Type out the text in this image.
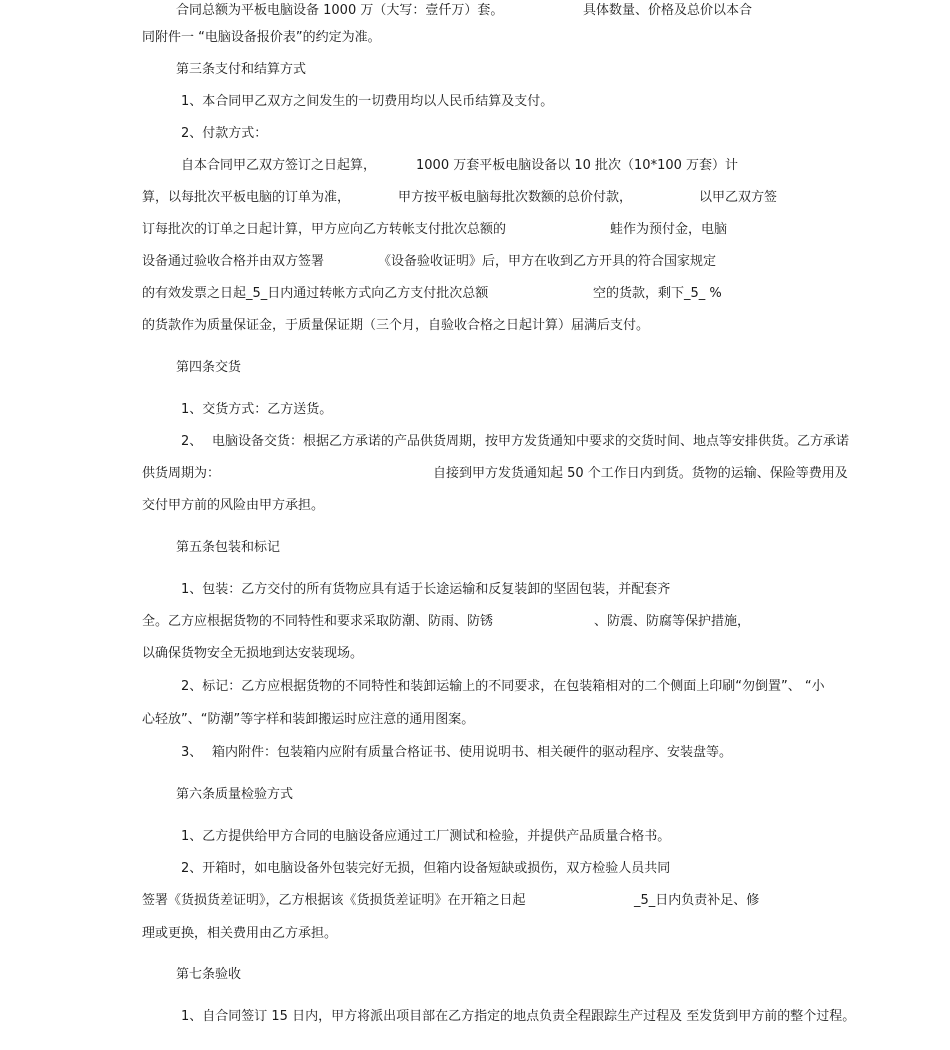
合同总额为平板电脑设备 1000 万（大写：壹仟万）套。	具体数量、价格及总价以本合
同附件一 “电脑设备报价表”的约定为准。
第三条支付和结算方式
1、本合同甲乙双方之间发生的一切费用均以人民币结算及支付。
2、付款方式：
自本合同甲乙双方签订之日起算，	1000 万套平板电脑设备以 10 批次（10*100 万套）计
算，以每批次平板电脑的订单为准，	甲方按平板电脑每批次数额的总价付款，	以甲乙双方签
订每批次的订单之日起计算，甲方应向乙方转帐支付批次总额的	蛙作为预付金，电脑
设备通过验收合格并由双方签署	《设备验收证明》后，甲方在收到乙方开具的符合国家规定
的有效发票之日起_5_日内通过转帐方式向乙方支付批次总额	空的货款，剩下_5_ %
的货款作为质量保证金，于质量保证期（三个月，自验收合格之日起计算）届满后支付。
第四条交货
1、交货方式：乙方送货。
2、 电脑设备交货：根据乙方承诺的产品供货周期，按甲方发货通知中要求的交货时间、地点等安排供货。乙方承诺
供货周期为：	自接到甲方发货通知起 50 个工作日内到货。货物的运输、保险等费用及
交付甲方前的风险由甲方承担。
第五条包装和标记
1、包装：乙方交付的所有货物应具有适于长途运输和反复装卸的坚固包装，并配套齐
全。乙方应根据货物的不同特性和要求采取防潮、防雨、防锈	、防震、防腐等保护措施，
以确保货物安全无损地到达安装现场。
2、标记：乙方应根据货物的不同特性和装卸运输上的不同要求，在包装箱相对的二个侧面上印刷“勿倒置”、 “小
心轻放”、“防潮”等字样和装卸搬运时应注意的通用图案。
3、 箱内附件：包装箱内应附有质量合格证书、使用说明书、相关硬件的驱动程序、安装盘等。
第六条质量检验方式
1、乙方提供给甲方合同的电脑设备应通过工厂测试和检验，并提供产品质量合格书。
2、开箱时，如电脑设备外包装完好无损，但箱内设备短缺或损伤，双方检验人员共同
签署《货损货差证明》，乙方根据该《货损货差证明》在开箱之日起	_5_日内负责补足、修
理或更换，相关费用由乙方承担。
第七条验收
1、自合同签订 15 日内，甲方将派出项目部在乙方指定的地点负责全程跟踪生产过程及 至发货到甲方前的整个过程。
